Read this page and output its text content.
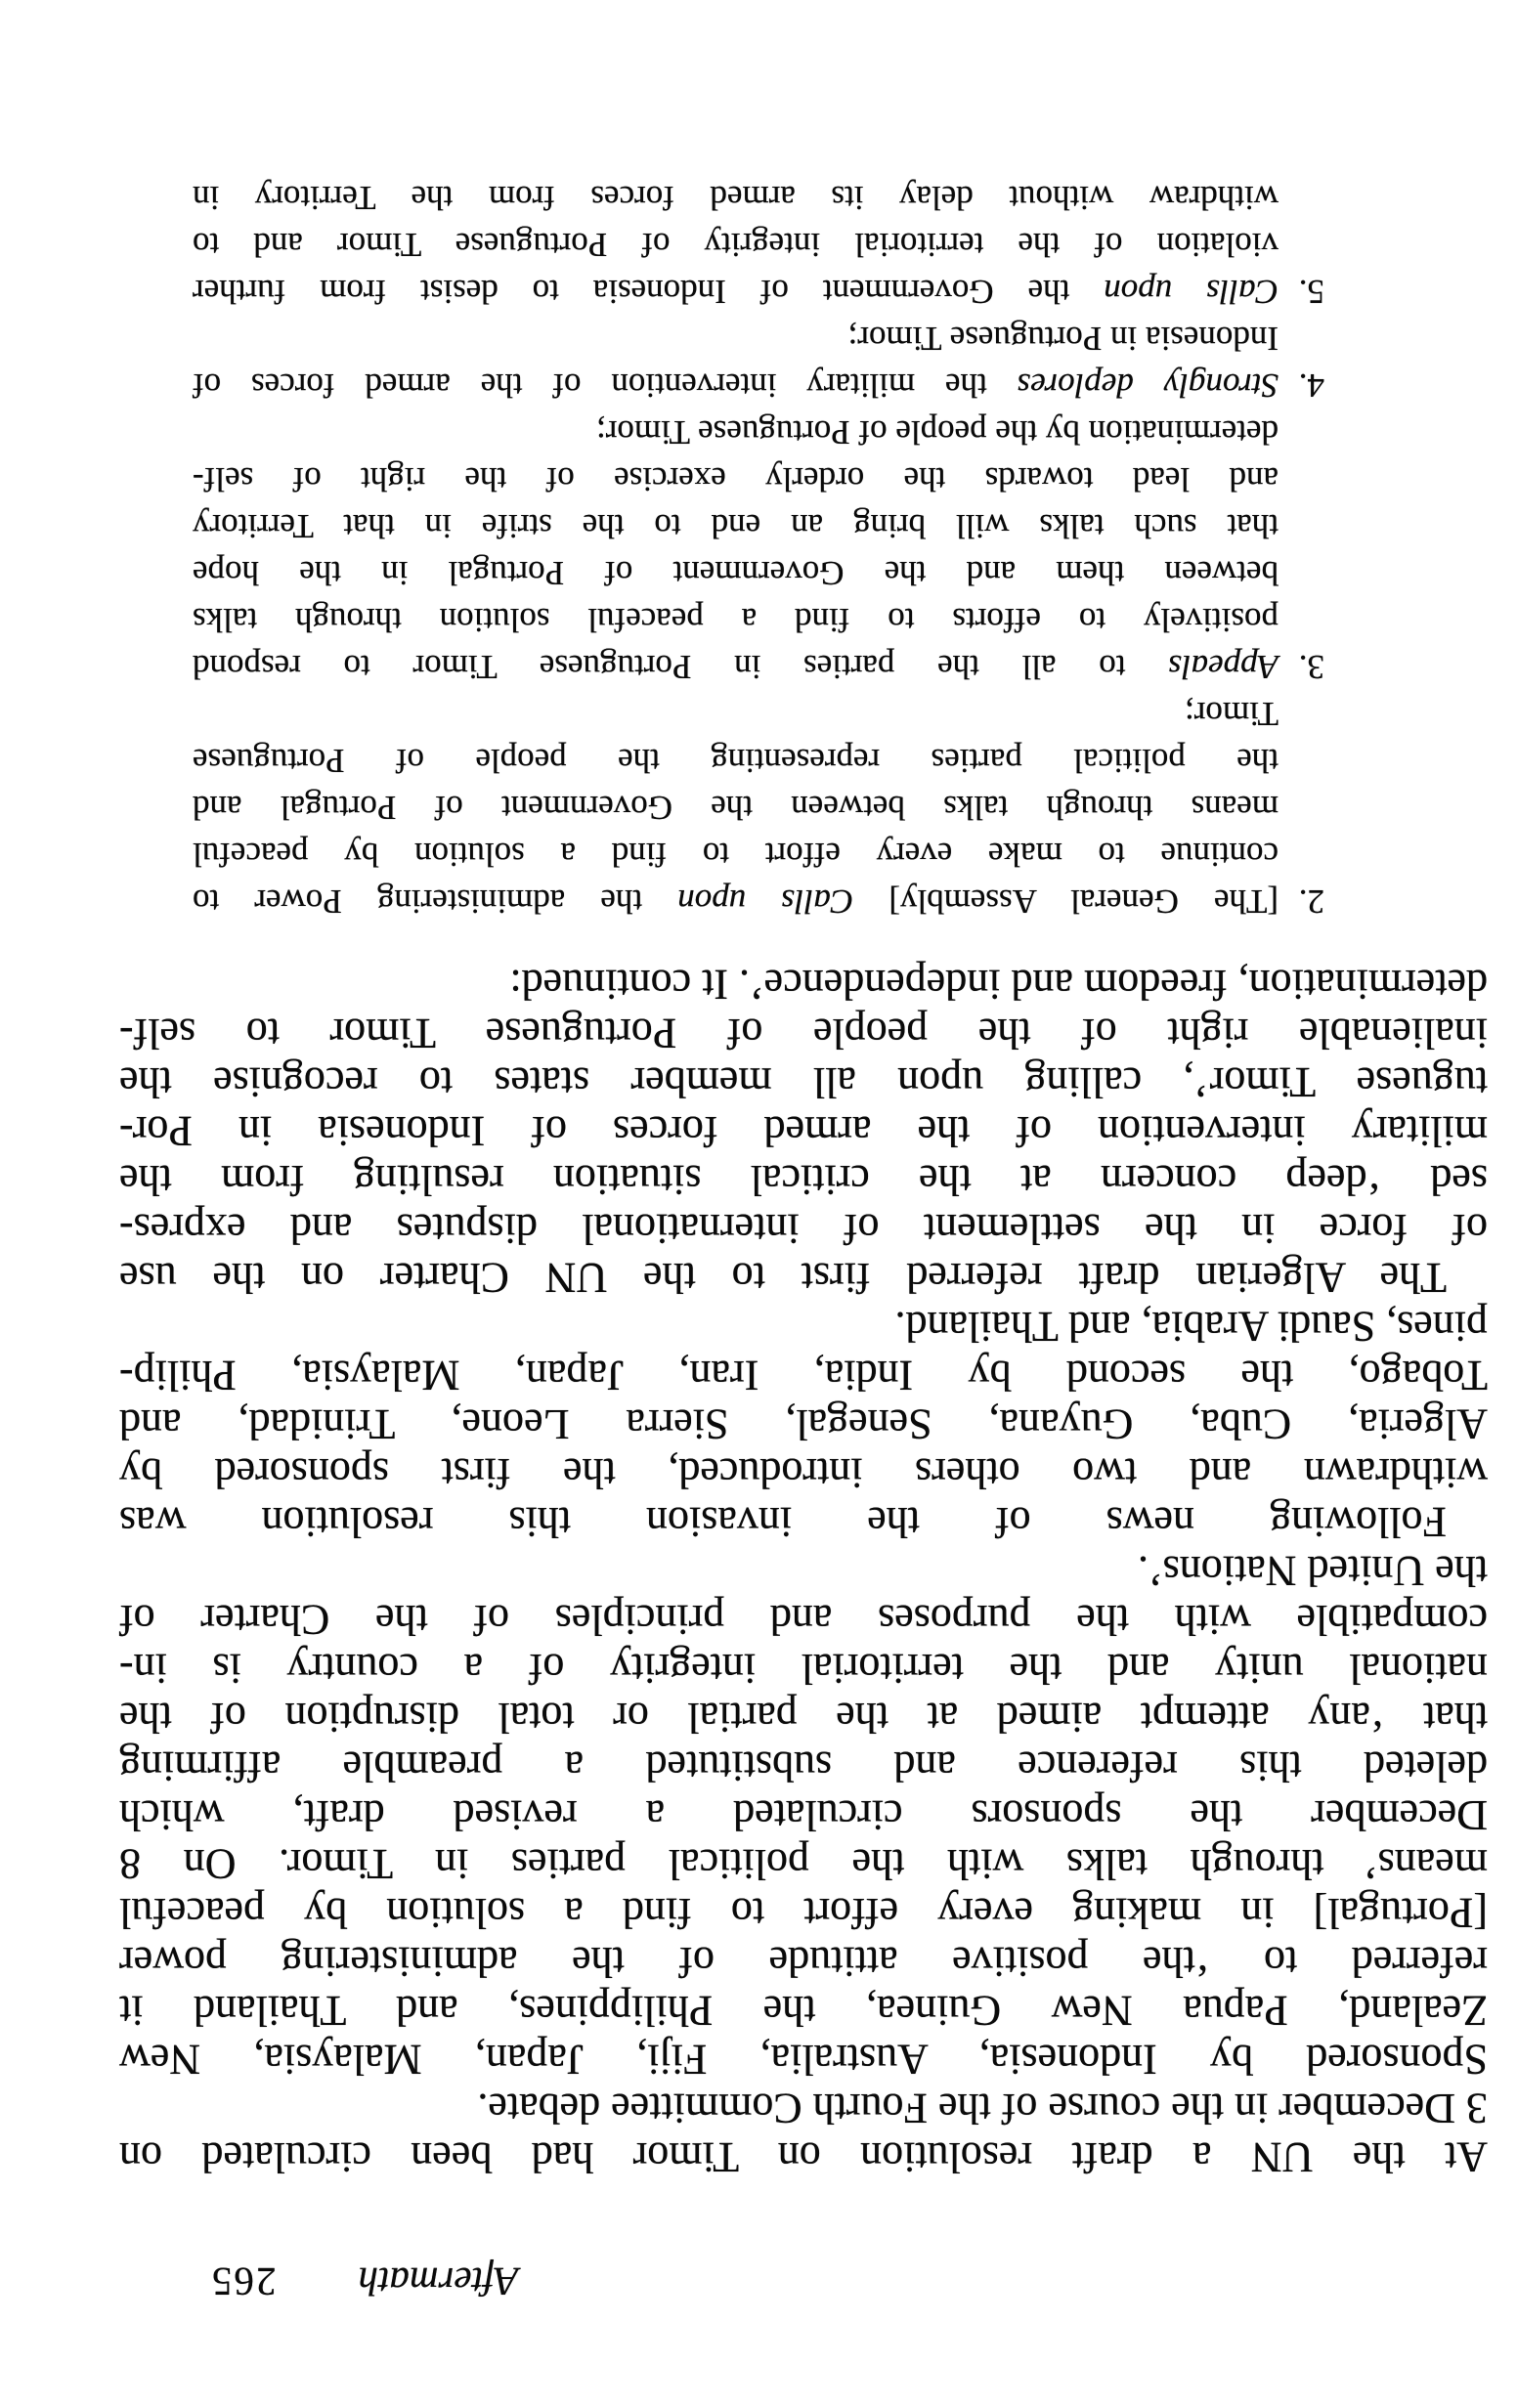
Aftermath265
At the UN a draft resolution on Timor had been circulated on
3 December in the course of the Fourth Committee debate.
Sponsored by Indonesia, Australia, Fiji, Japan, Malaysia, New
Zealand, Papua New Guinea, the Philippines, and Thailand it
referred to ‘the positive attitude of the administering power
[Portugal] in making every effort to find a solution by peaceful
means’ through talks with the political parties in Timor. On 8
December the sponsors circulated a revised draft, which
deleted this reference and substituted a preamble affirming
that ‘any attempt aimed at the partial or total disruption of the
national unity and the territorial integrity of a country is in-
compatible with the purposes and principles of the Charter of
the United Nations’.
Following news of the invasion this resolution was
withdrawn and two others introduced, the first sponsored by
Algeria, Cuba, Guyana, Senegal, Sierra Leone, Trinidad, and
Tobago, the second by India, Iran, Japan, Malaysia, Philip-
pines, Saudi Arabia, and Thailand.
The Algerian draft referred first to the UN Charter on the use
of force in the settlement of international disputes and expres-
sed ‘deep concern at the critical situation resulting from the
military intervention of the armed forces of Indonesia in Por-
tuguese Timor’, calling upon all member states to recognise the
inalienable right of the people of Portuguese Timor to self-
determination, freedom and independence’. It continued:
2.
[The General Assembly] Calls upon the administering Power to
continue to make every effort to find a solution by peaceful
means through talks between the Government of Portugal and
the political parties representing the people of Portuguese
Timor;
3.
Appeals to all the parties in Portuguese Timor to respond
positively to efforts to find a peaceful solution through talks
between them and the Government of Portugal in the hope
that such talks will bring an end to the strife in that Territory
and lead towards the orderly exercise of the right of self-
determination by the people of Portuguese Timor;
4.
Strongly deplores the military intervention of the armed forces of
Indonesia in Portuguese Timor;
5.
Calls upon the Government of Indonesia to desist from further
violation of the territorial integrity of Portuguese Timor and to
withdraw without delay its armed forces from the Territory in
